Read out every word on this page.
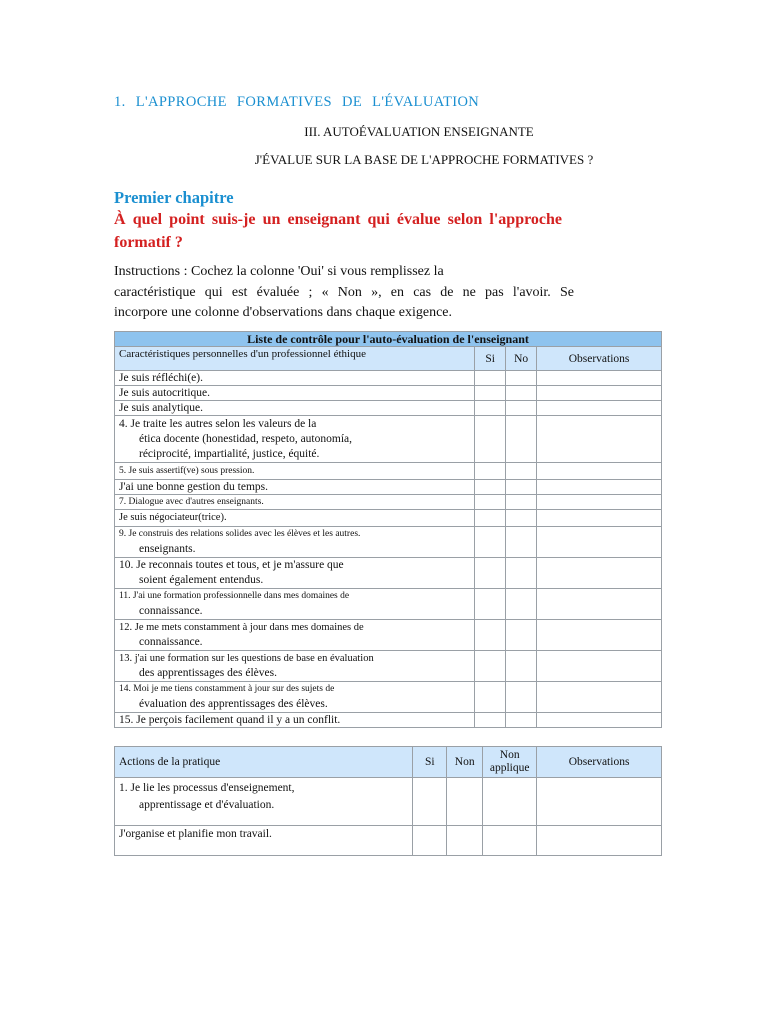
1. L'APPROCHE FORMATIVES DE L'ÉVALUATION
III. AUTOÉVALUATION ENSEIGNANTE
J'ÉVALUE SUR LA BASE DE L'APPROCHE FORMATIVES ?
Premier chapitre
À quel point suis-je un enseignant qui évalue selon l'approche formatif ?
Instructions : Cochez la colonne 'Oui' si vous remplissez la
caractéristique qui est évaluée ; « Non », en cas de ne pas l'avoir. Se
incorpore une colonne d'observations dans chaque exigence.
Liste de contrôle pour l'auto-évaluation de l'enseignant			
Caractéristiques personnelles d'un professionnel éthique	Si	No	Observations
Je suis réfléchi(e).			
Je suis autocritique.			
Je suis analytique.			

4. Je traite les autres selon les valeurs de la
ética docente (honestidad, respeto, autonomía,
réciprocité, impartialité, justice, équité.			

5. Je suis assertif(ve) sous pression.			
J'ai une bonne gestion du temps.			
7. Dialogue avec d'autres enseignants.			
Je suis négociateur(trice).			

9. Je construis des relations solides avec les élèves et les autres.
enseignants.			

10. Je reconnais toutes et tous, et je m'assure que
soient également entendus.			

11. J'ai une formation professionnelle dans mes domaines de
connaissance.			

12. Je me mets constamment à jour dans mes domaines de
connaissance.			

13. j'ai une formation sur les questions de base en évaluation
des apprentissages des élèves.			

14. Moi je me tiens constamment à jour sur des sujets de
évaluation des apprentissages des élèves.			

15. Je perçois facilement quand il y a un conflit.			
Actions de la pratique	Si	Non	Non applique	Observations

1. Je lie les processus d'enseignement,
apprentissage et d'évaluation.				

J'organise et planifie mon travail.				
